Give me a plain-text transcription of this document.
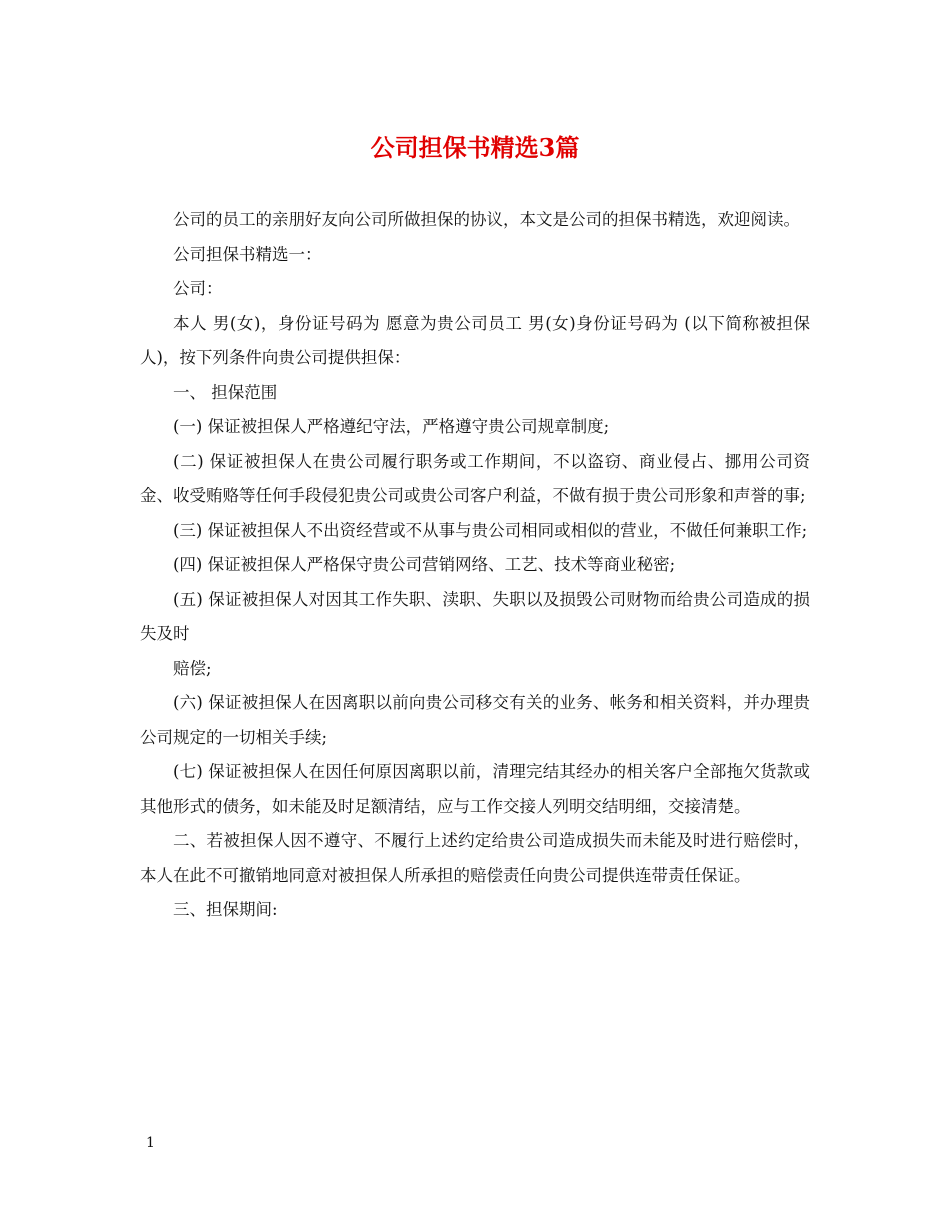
公司担保书精选3篇

公司的员工的亲朋好友向公司所做担保的协议，本文是公司的担保书精选，欢迎阅读。

公司担保书精选一：

公司：

本人 男(女)，身份证号码为 愿意为贵公司员工 男(女)身份证号码为 (以下简称被担保人)，按下列条件向贵公司提供担保：

一、 担保范围

(一) 保证被担保人严格遵纪守法，严格遵守贵公司规章制度;

(二) 保证被担保人在贵公司履行职务或工作期间，不以盗窃、商业侵占、挪用公司资金、收受贿赂等任何手段侵犯贵公司或贵公司客户利益，不做有损于贵公司形象和声誉的事;

(三) 保证被担保人不出资经营或不从事与贵公司相同或相似的营业，不做任何兼职工作;

(四) 保证被担保人严格保守贵公司营销网络、工艺、技术等商业秘密;

(五) 保证被担保人对因其工作失职、渎职、失职以及损毁公司财物而给贵公司造成的损失及时

赔偿;

(六) 保证被担保人在因离职以前向贵公司移交有关的业务、帐务和相关资料，并办理贵公司规定的一切相关手续;

(七) 保证被担保人在因任何原因离职以前，清理完结其经办的相关客户全部拖欠货款或其他形式的债务，如未能及时足额清结，应与工作交接人列明交结明细，交接清楚。

二、若被担保人因不遵守、不履行上述约定给贵公司造成损失而未能及时进行赔偿时，本人在此不可撤销地同意对被担保人所承担的赔偿责任向贵公司提供连带责任保证。

三、担保期间:

1
